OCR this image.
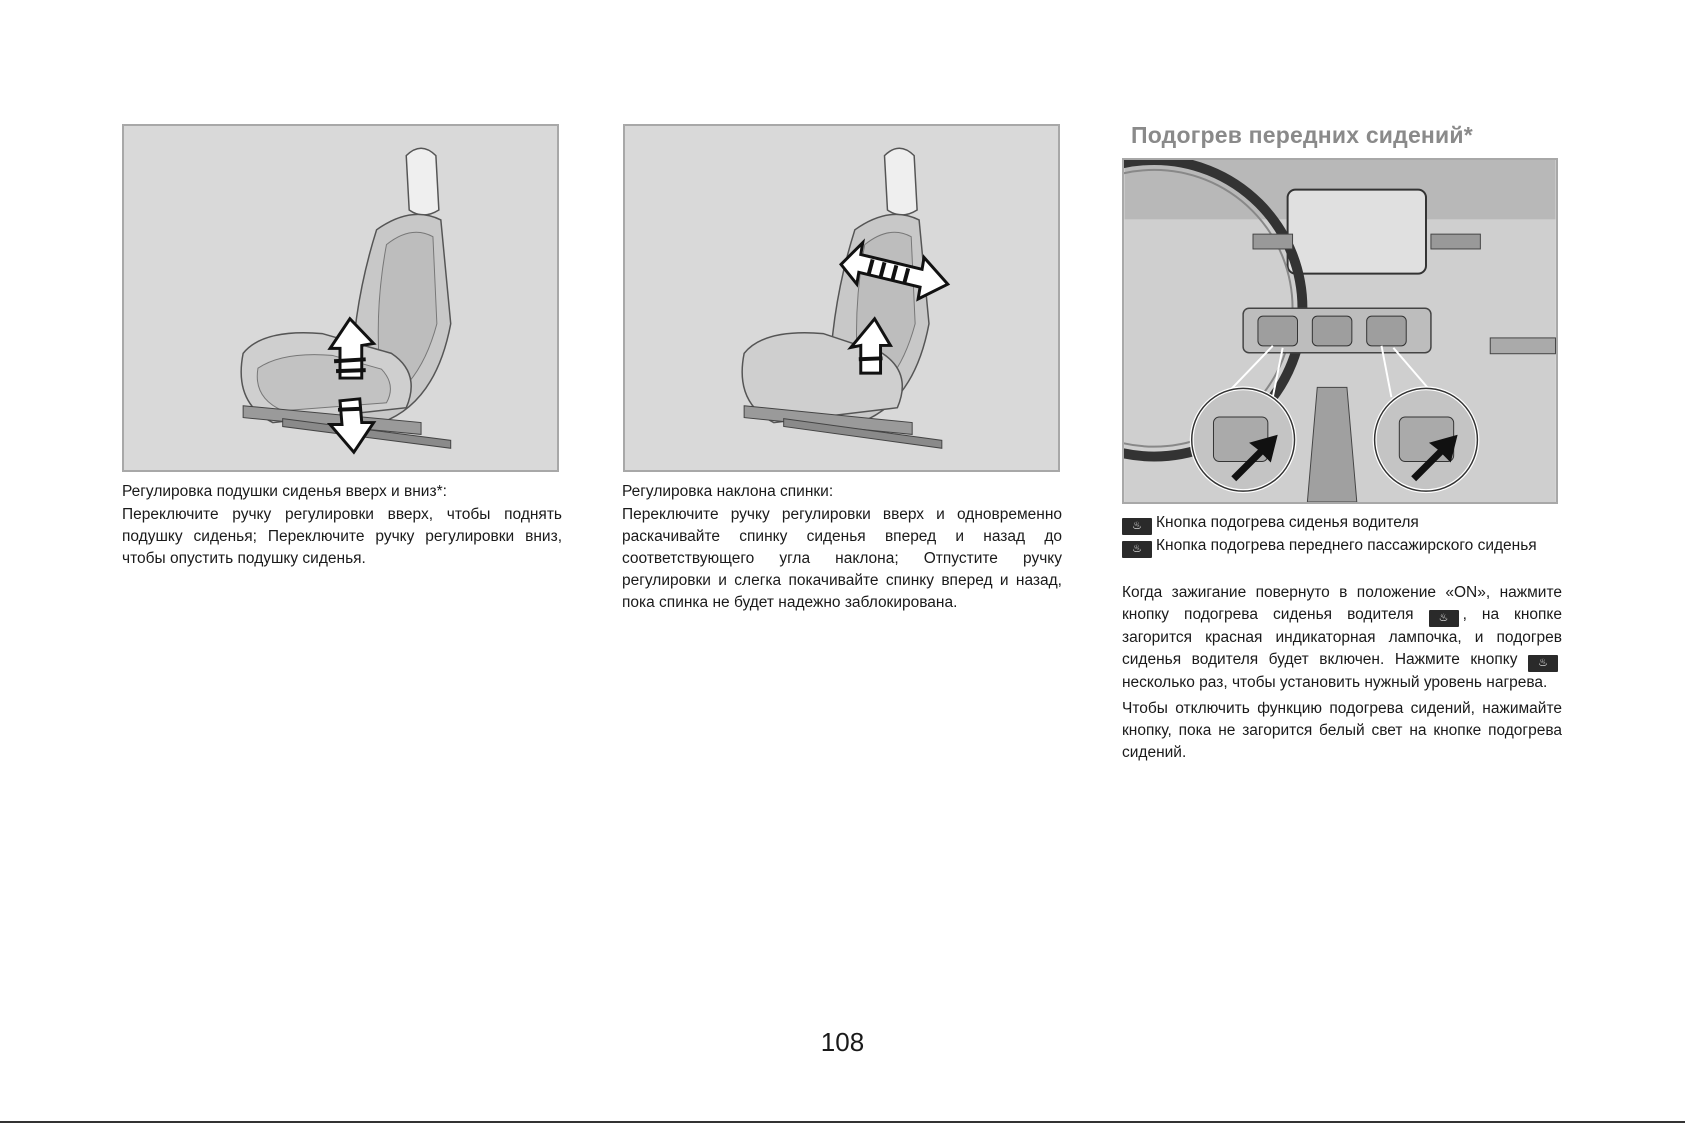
Регулировка подушки сиденья вверх и вниз*:
Переключите ручку регулировки вверх, чтобы поднять подушку сиденья; Переключите ручку регулировки вниз, чтобы опустить подушку сиденья.
Регулировка наклона спинки:
Переключите ручку регулировки вверх и одновременно раскачивайте спинку сиденья вперед и назад до соответствующего угла наклона; Отпустите ручку регулировки и слегка покачивайте спинку вперед и назад, пока спинка не будет надежно заблокирована.
Подогрев передних сидений*
♨ Кнопка подогрева сиденья водителя
♨ Кнопка подогрева переднего пассажирского сиденья

Когда зажигание повернуто в положение «ON», нажмите кнопку подогрева сиденья водителя ♨ , на кнопке загорится красная индикаторная лампочка, и подогрев сиденья водителя будет включен. Нажмите кнопку ♨ несколько раз, чтобы установить нужный уровень нагрева.

Чтобы отключить функцию подогрева сидений, нажимайте кнопку, пока не загорится белый свет на кнопке подогрева сидений.

108
